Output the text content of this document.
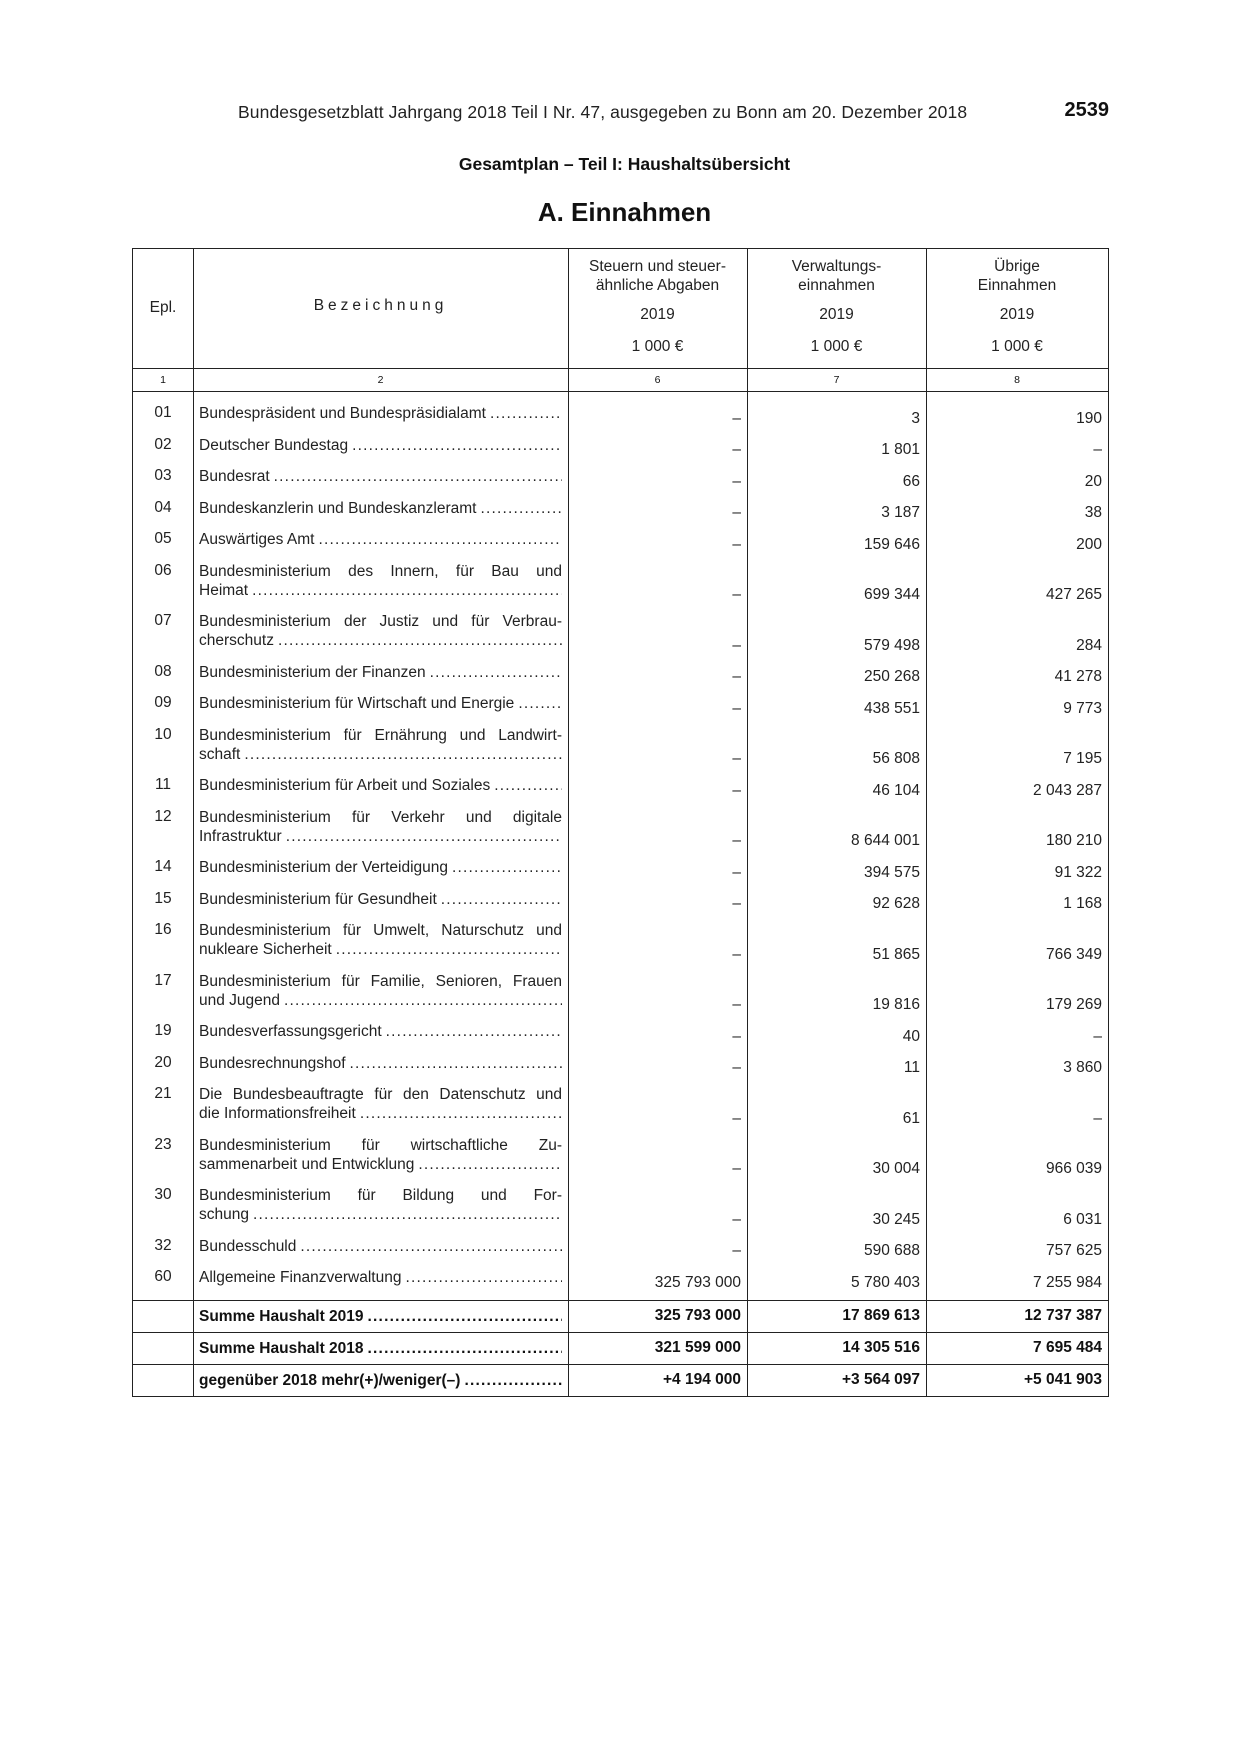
Bundesgesetzblatt Jahrgang 2018 Teil I Nr. 47, ausgegeben zu Bonn am 20. Dezember 2018	2539
Gesamtplan – Teil I: Haushaltsübersicht
A. Einnahmen
Epl.	Bezeichnung
Steuern und steuer-
ähnliche Abgaben
2019
1 000 €
Verwaltungs-
einnahmen
2019
1 000 €
Übrige
Einnahmen
2019
1 000 €
1	2	6	7	8
01	Bundespräsident und Bundespräsidialamt .....	–	3	190
02	Deutscher Bundestag .....	–	1 801	–
03	Bundesrat .....	–	66	20
04	Bundeskanzlerin und Bundeskanzleramt .....	–	3 187	38
05	Auswärtiges Amt .....	–	159 646	200
06	Bundesministerium des Innern, für Bau und
Heimat .....	–	699 344	427 265
07	Bundesministerium der Justiz und für Verbrau-
cherschutz .....	–	579 498	284
08	Bundesministerium der Finanzen .....	–	250 268	41 278
09	Bundesministerium für Wirtschaft und Energie .....	–	438 551	9 773
10	Bundesministerium für Ernährung und Landwirt-
schaft .....	–	56 808	7 195
11	Bundesministerium für Arbeit und Soziales .....	–	46 104	2 043 287
12	Bundesministerium für Verkehr und digitale
Infrastruktur .....	–	8 644 001	180 210
14	Bundesministerium der Verteidigung .....	–	394 575	91 322
15	Bundesministerium für Gesundheit .....	–	92 628	1 168
16	Bundesministerium für Umwelt, Naturschutz und
nukleare Sicherheit .....	–	51 865	766 349
17	Bundesministerium für Familie, Senioren, Frauen
und Jugend .....	–	19 816	179 269
19	Bundesverfassungsgericht .....	–	40	–
20	Bundesrechnungshof .....	–	11	3 860
21	Die Bundesbeauftragte für den Datenschutz und
die Informationsfreiheit .....	–	61	–
23	Bundesministerium für wirtschaftliche Zu-
sammenarbeit und Entwicklung .....	–	30 004	966 039
30	Bundesministerium für Bildung und For-
schung .....	–	30 245	6 031
32	Bundesschuld .....	–	590 688	757 625
60	Allgemeine Finanzverwaltung .....	325 793 000	5 780 403	7 255 984
Summe Haushalt 2019 .....	325 793 000	17 869 613	12 737 387
Summe Haushalt 2018 .....	321 599 000	14 305 516	7 695 484
gegenüber 2018 mehr(+)/weniger(–) .....	+4 194 000	+3 564 097	+5 041 903
